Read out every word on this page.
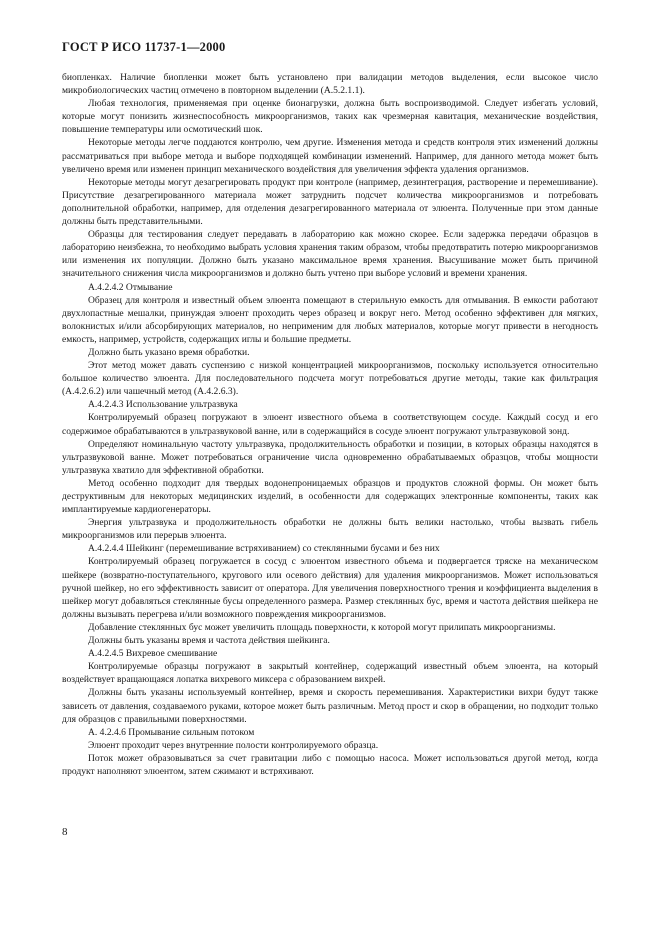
ГОСТ Р ИСО 11737-1—2000

биопленках. Наличие биопленки может быть установлено при валидации методов выделения, если высокое число микробиологических частиц отмечено в повторном выделении (А.5.2.1.1).

Любая технология, применяемая при оценке бионагрузки, должна быть воспроизводимой. Следует избегать условий, которые могут понизить жизнеспособность микроорганизмов, таких как чрезмерная кавитация, механические воздействия, повышение температуры или осмотический шок.

Некоторые методы легче поддаются контролю, чем другие. Изменения метода и средств контроля этих изменений должны рассматриваться при выборе метода и выборе подходящей комбинации изменений. Например, для данного метода может быть увеличено время или изменен принцип механического воздействия для увеличения эффекта удаления организмов.

Некоторые методы могут дезагрегировать продукт при контроле (например, дезинтеграция, растворение и перемешивание). Присутствие дезагрегированного материала может затруднить подсчет количества микроорганизмов и потребовать дополнительной обработки, например, для отделения дезагрегированного материала от элюента. Полученные при этом данные должны быть представительными.

Образцы для тестирования следует передавать в лабораторию как можно скорее. Если задержка передачи образцов в лабораторию неизбежна, то необходимо выбрать условия хранения таким образом, чтобы предотвратить потерю микроорганизмов или изменения их популяции. Должно быть указано максимальное время хранения. Высушивание может быть причиной значительного снижения числа микроорганизмов и должно быть учтено при выборе условий и времени хранения.

А.4.2.4.2 Отмывание

Образец для контроля и известный объем элюента помещают в стерильную емкость для отмывания. В емкости работают двухлопастные мешалки, принуждая элюент проходить через образец и вокруг него. Метод особенно эффективен для мягких, волокнистых и/или абсорбирующих материалов, но неприменим для любых материалов, которые могут привести в негодность емкость, например, устройств, содержащих иглы и большие предметы.

Должно быть указано время обработки.

Этот метод может давать суспензию с низкой концентрацией микроорганизмов, поскольку используется относительно большое количество элюента. Для последовательного подсчета могут потребоваться другие методы, такие как фильтрация (А.4.2.6.2) или чашечный метод (А.4.2.6.3).

А.4.2.4.3 Использование ультразвука

Контролируемый образец погружают в элюент известного объема в соответствующем сосуде. Каждый сосуд и его содержимое обрабатываются в ультразвуковой ванне, или в содержащийся в сосуде элюент погружают ультразвуковой зонд.

Определяют номинальную частоту ультразвука, продолжительность обработки и позиции, в которых образцы находятся в ультразвуковой ванне. Может потребоваться ограничение числа одновременно обрабатываемых образцов, чтобы мощности ультразвука хватило для эффективной обработки.

Метод особенно подходит для твердых водонепроницаемых образцов и продуктов сложной формы. Он может быть деструктивным для некоторых медицинских изделий, в особенности для содержащих электронные компоненты, таких как имплантируемые кардиогенераторы.

Энергия ультразвука и продолжительность обработки не должны быть велики настолько, чтобы вызвать гибель микроорганизмов или перерыв элюента.

А.4.2.4.4 Шейкинг (перемешивание встряхиванием) со стеклянными бусами и без них

Контролируемый образец погружается в сосуд с элюентом известного объема и подвергается тряске на механическом шейкере (возвратно-поступательного, кругового или осевого действия) для удаления микроорганизмов. Может использоваться ручной шейкер, но его эффективность зависит от оператора. Для увеличения поверхностного трения и коэффициента выделения в шейкер могут добавляться стеклянные бусы определенного размера. Размер стеклянных бус, время и частота действия шейкера не должны вызывать перегрева и/или возможного повреждения микроорганизмов.

Добавление стеклянных бус может увеличить площадь поверхности, к которой могут прилипать микроорганизмы.

Должны быть указаны время и частота действия шейкинга.

А.4.2.4.5 Вихревое смешивание

Контролируемые образцы погружают в закрытый контейнер, содержащий известный объем элюента, на который воздействует вращающаяся лопатка вихревого миксера с образованием вихрей.

Должны быть указаны используемый контейнер, время и скорость перемешивания. Характеристики вихри будут также зависеть от давления, создаваемого руками, которое может быть различным. Метод прост и скор в обращении, но подходит только для образцов с правильными поверхностями.

А. 4.2.4.6 Промывание сильным потоком

Элюент проходит через внутренние полости контролируемого образца.

Поток может образовываться за счет гравитации либо с помощью насоса. Может использоваться другой метод, когда продукт наполняют элюентом, затем сжимают и встряхивают.

8
